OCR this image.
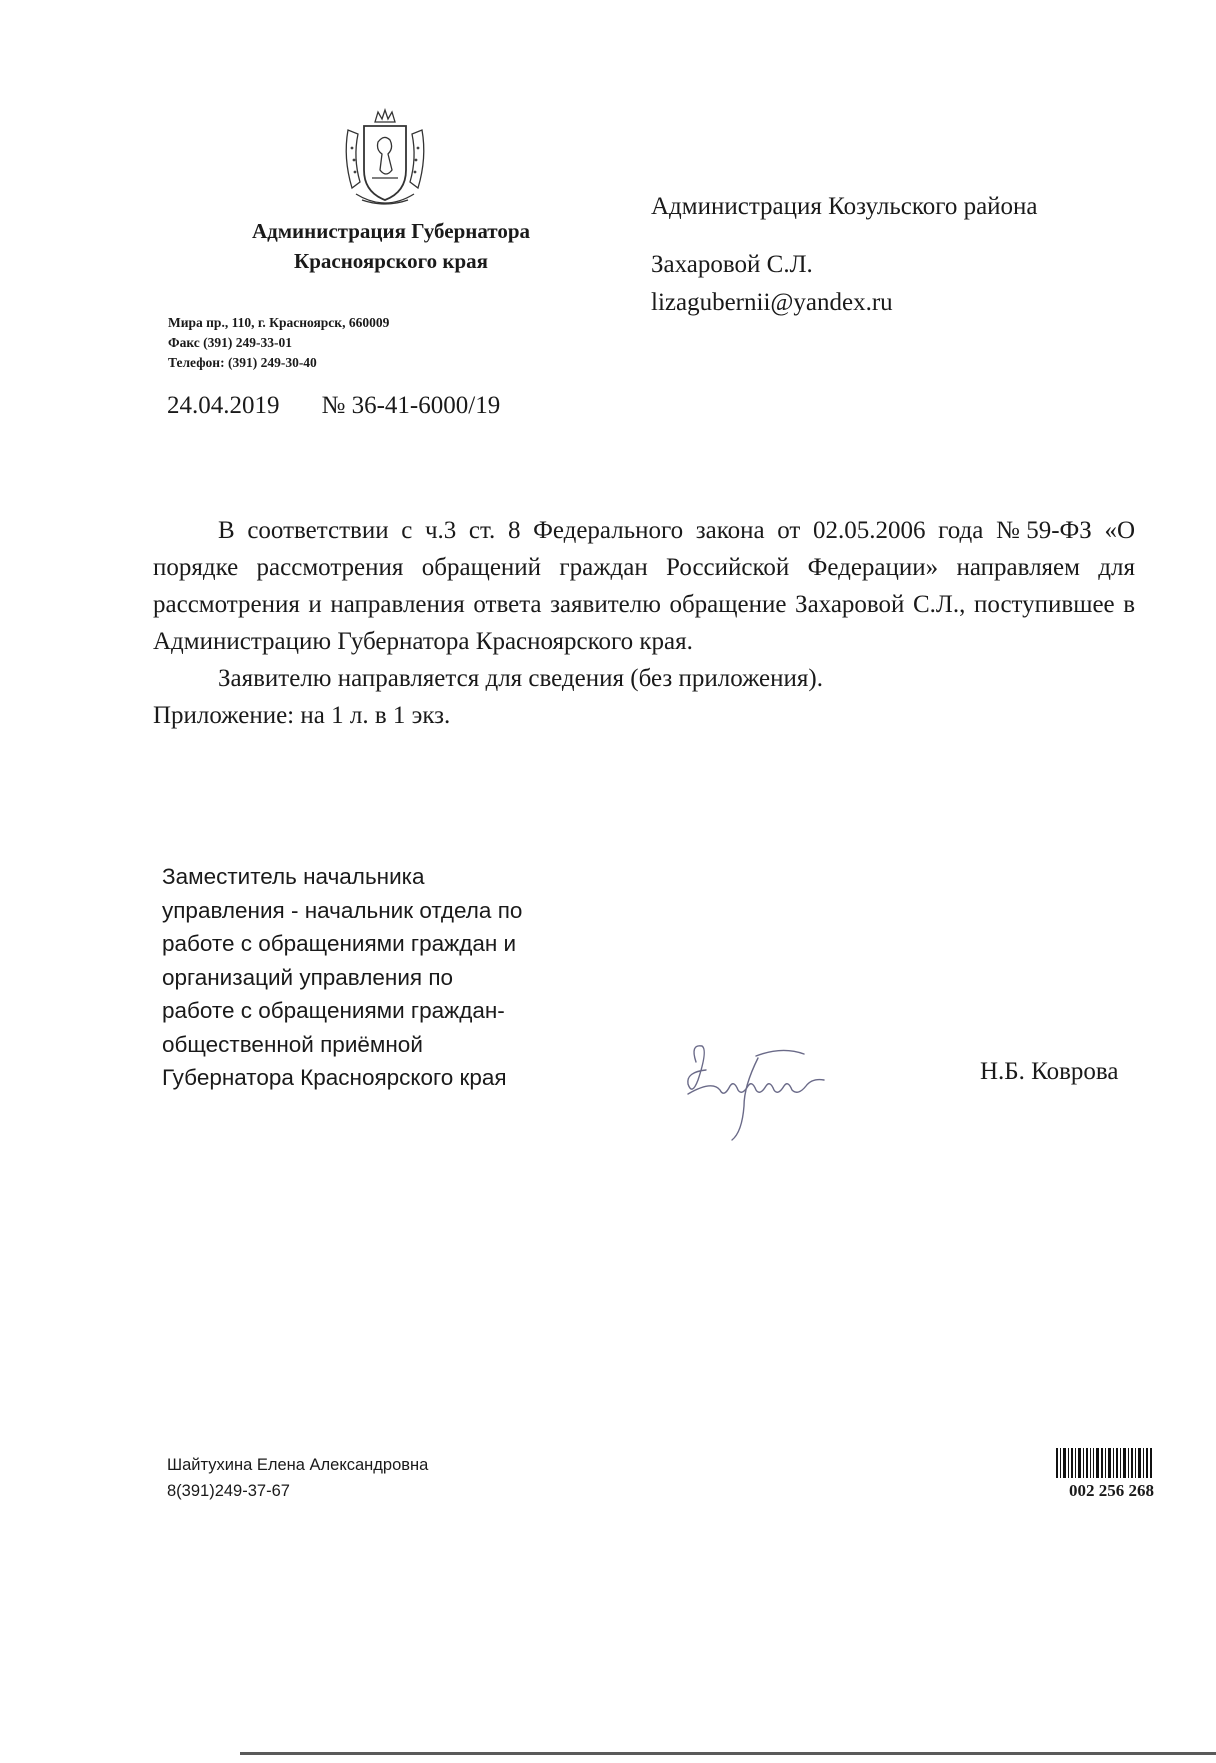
Администрация Губернатора
Красноярского края
Мира пр., 110, г. Красноярск, 660009
Факс (391) 249-33-01
Телефон: (391) 249-30-40
24.04.2019 № 36-41-6000/19
Администрация Козульского района
Захаровой С.Л.
lizagubernii@yandex.ru

В соответствии с ч.3 ст. 8 Федерального закона от 02.05.2006 года №59-ФЗ «О порядке рассмотрения обращений граждан Российской Федерации» направляем для рассмотрения и направления ответа заявителю обращение Захаровой С.Л., поступившее в Администрацию Губернатора Красноярского края.

Заявителю направляется для сведения (без приложения).

Приложение: на 1 л. в 1 экз.

Заместитель начальника
управления - начальник отдела по
работе с обращениями граждан и
организаций управления по
работе с обращениями граждан-
общественной приёмной
Губернатора Красноярского края	Н.Б. Коврова
Шайтухина Елена Александровна
8(391)249-37-67	002 256 268
